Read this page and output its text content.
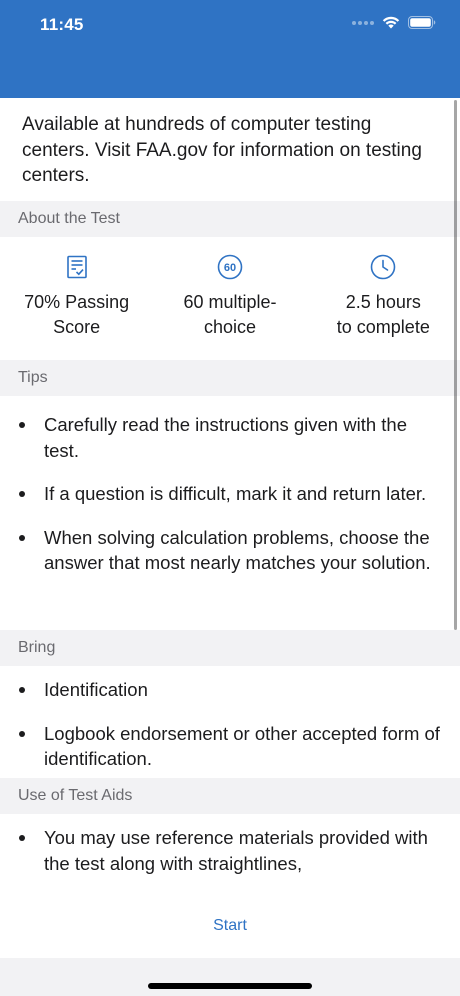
11:45
Available at hundreds of computer testing centers. Visit FAA.gov for information on testing centers.
About the Test
70% Passing
Score
60
60 multiple-
choice
2.5 hours
to complete
Tips
Carefully read the instructions given with the test.
If a question is difficult, mark it and return later.
When solving calculation problems, choose the answer that most nearly matches your solution.
Bring
Identification
Logbook endorsement or other accepted form of identification.
Use of Test Aids
You may use reference materials provided with the test along with straightlines,
Start
